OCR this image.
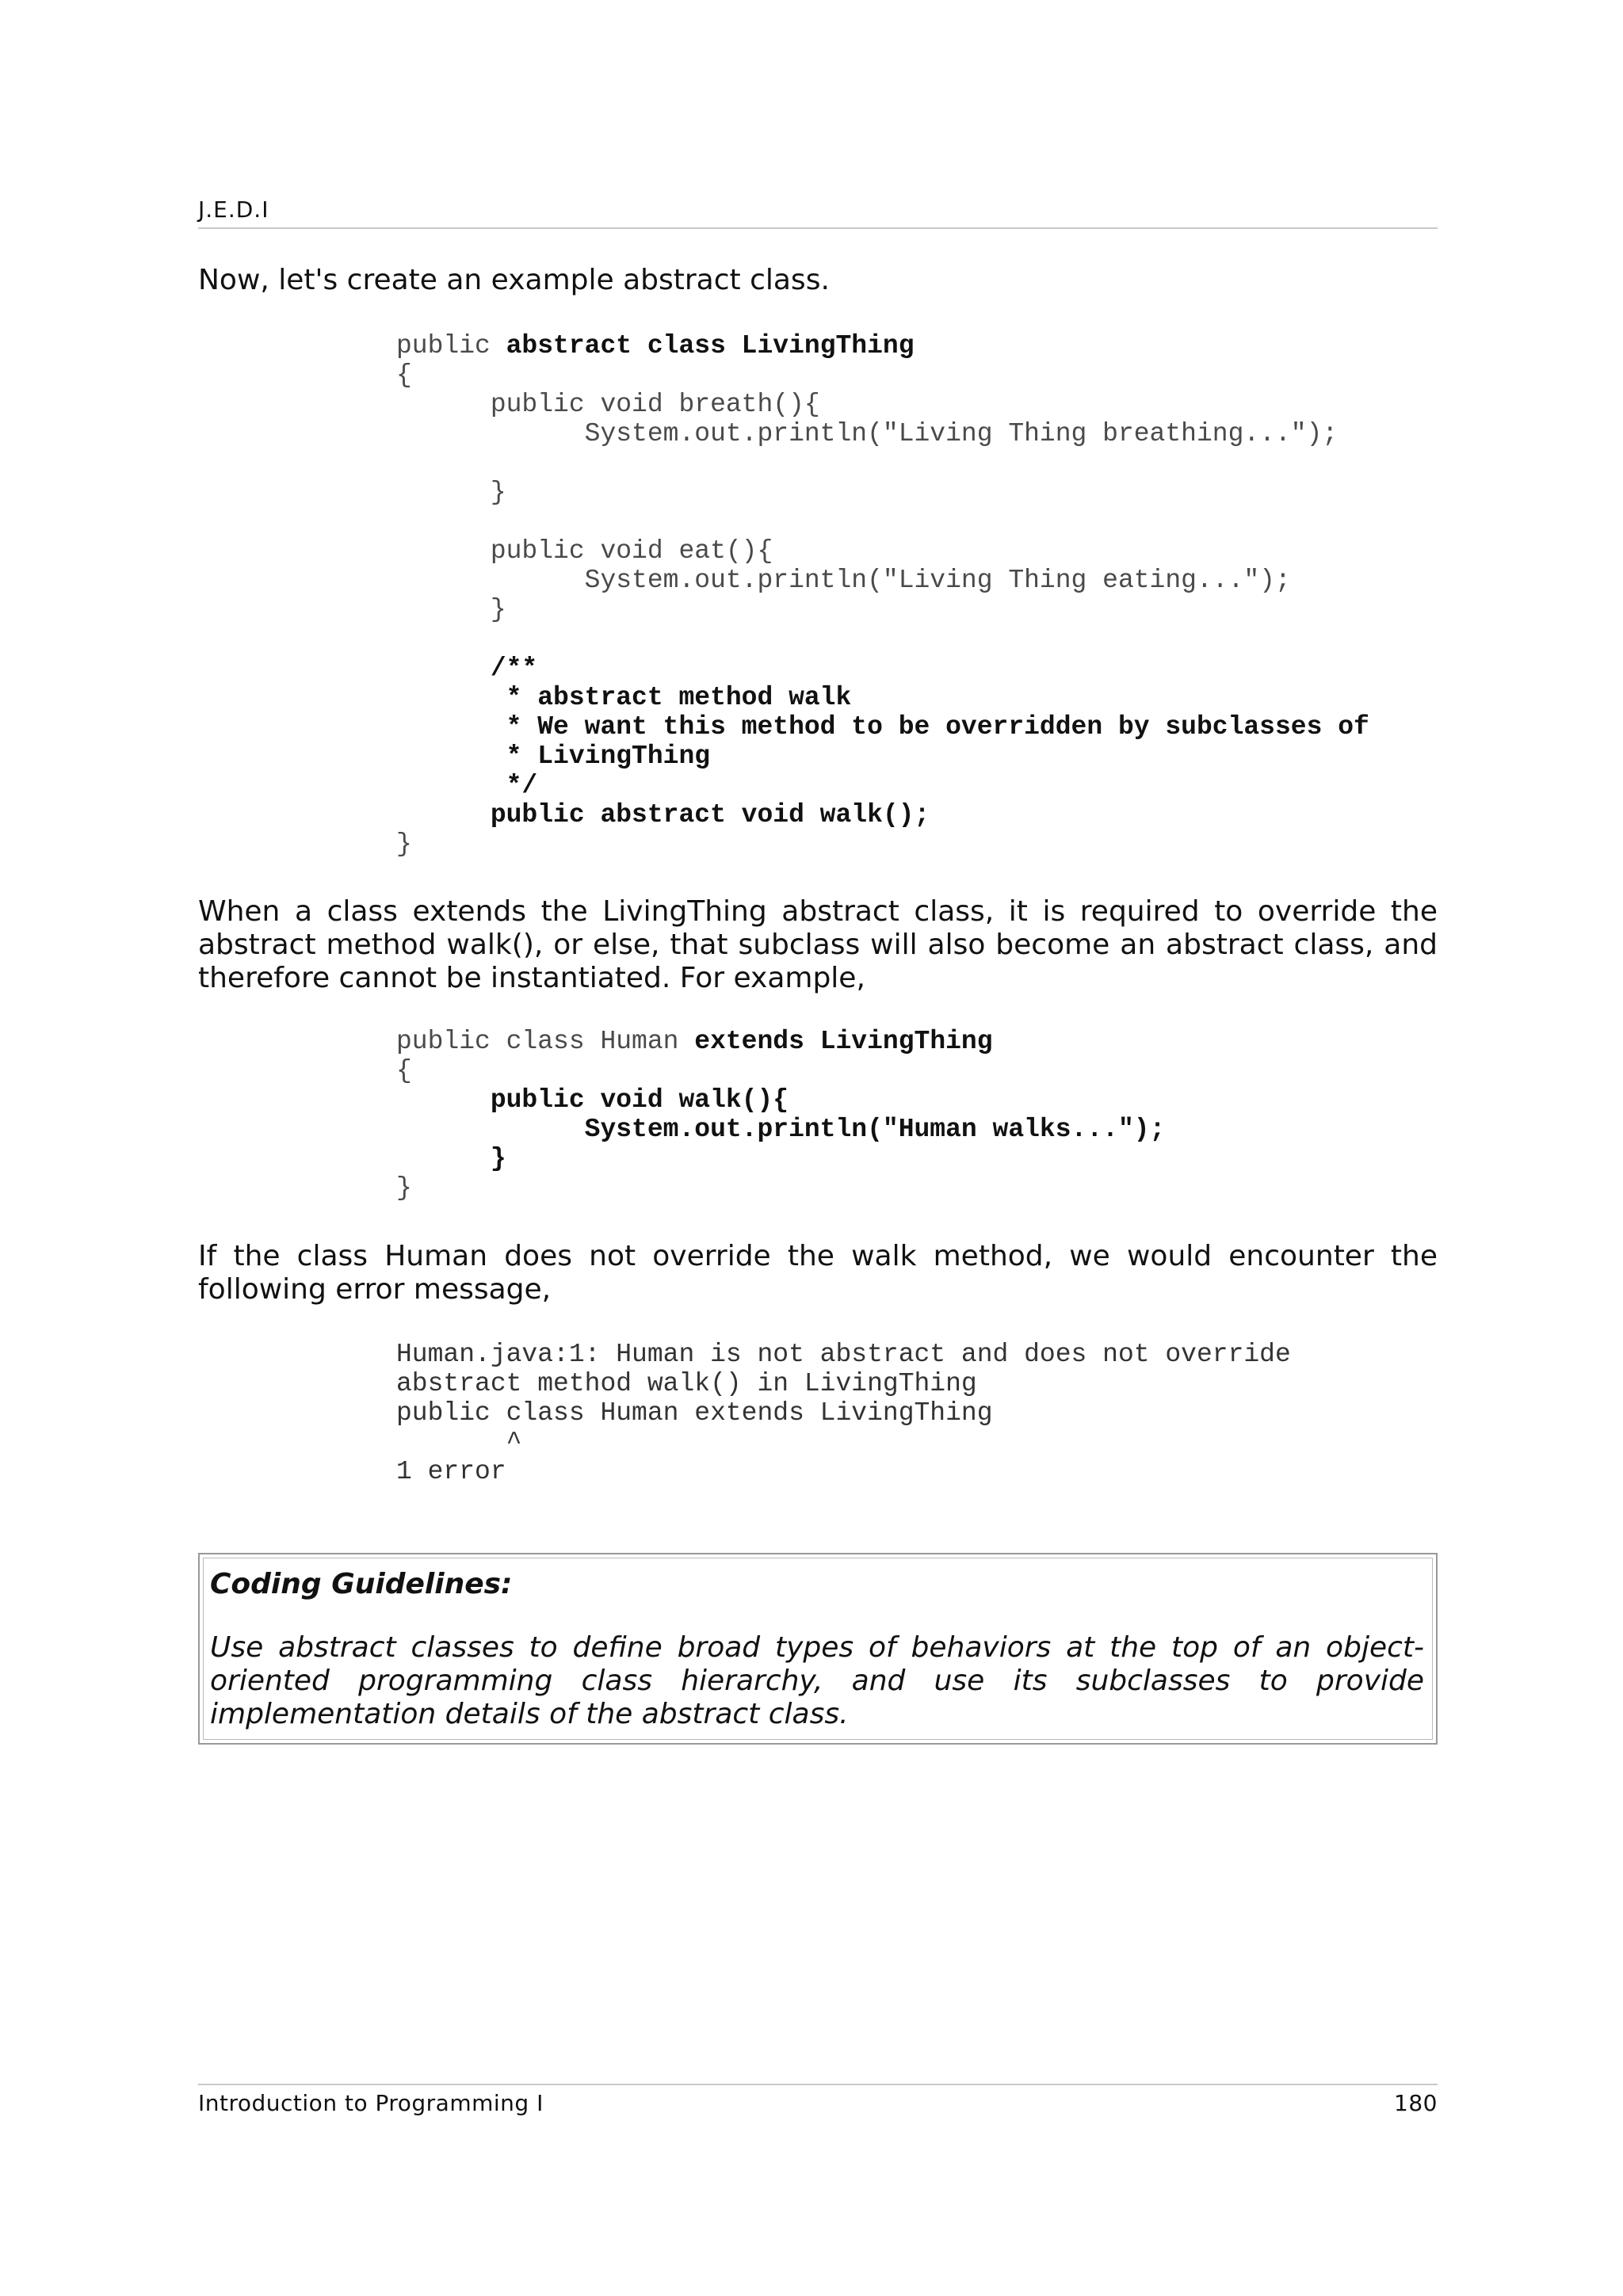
J.E.D.I
Now, let's create an example abstract class.
public abstract class LivingThing
{
public void breath(){
System.out.println("Living Thing breathing...");

}

public void eat(){
System.out.println("Living Thing eating...");
}

/**
* abstract method walk
* We want this method to be overridden by subclasses of
* LivingThing
*/
public abstract void walk();
}
When a class extends the LivingThing abstract class, it is required to override the abstract method walk(), or else, that subclass will also become an abstract class, and therefore cannot be instantiated. For example,
public class Human extends LivingThing
{
public void walk(){
System.out.println("Human walks...");
}
}
If the class Human does not override the walk method, we would encounter the following error message,
Human.java:1: Human is not abstract and does not override
abstract method walk() in LivingThing
public class Human extends LivingThing
^
1 error
Coding Guidelines:
Use abstract classes to define broad types of behaviors at the top of an object-oriented programming class hierarchy, and use its subclasses to provide implementation details of the abstract class.
Introduction to Programming I	180
